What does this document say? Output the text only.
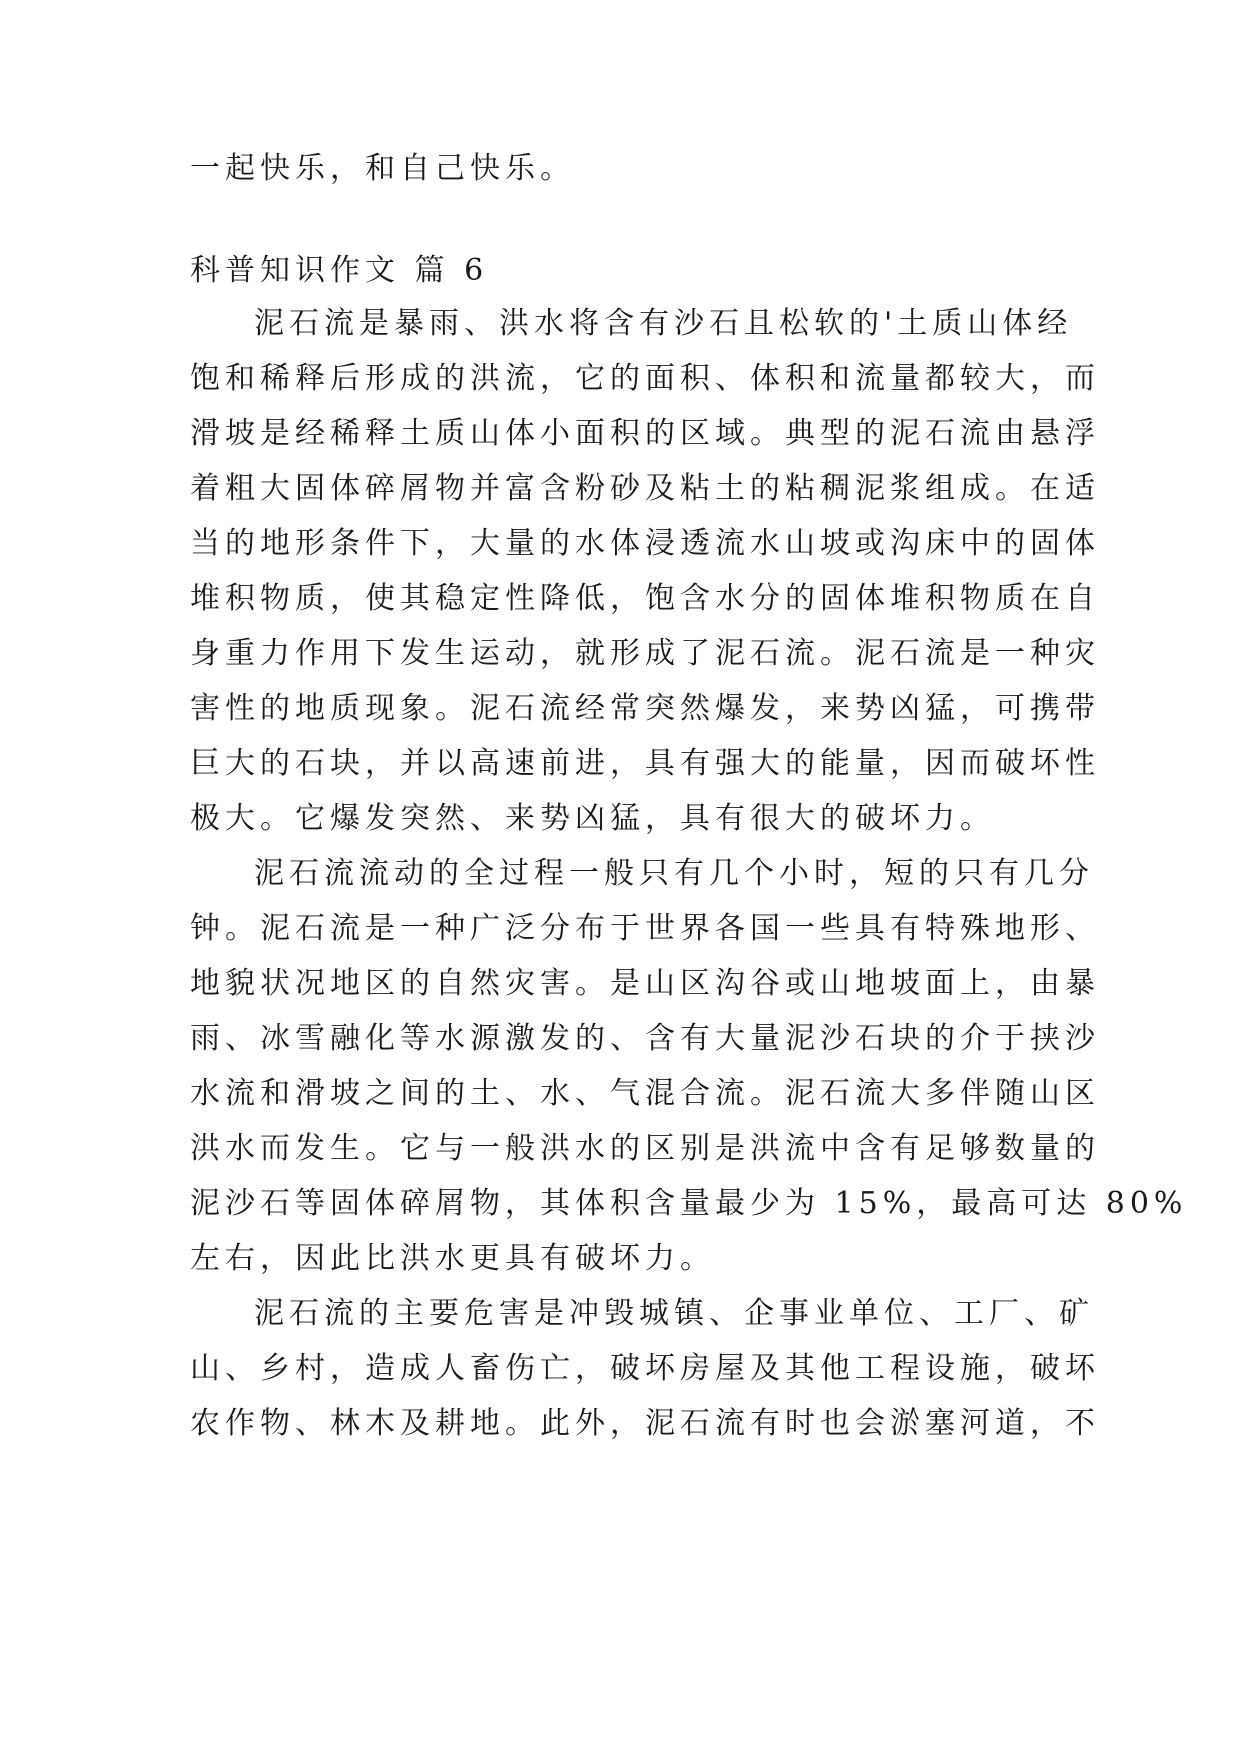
一起快乐，和自己快乐。
科普知识作文 篇 6
泥石流是暴雨、洪水将含有沙石且松软的'土质山体经
饱和稀释后形成的洪流，它的面积、体积和流量都较大，而
滑坡是经稀释土质山体小面积的区域。典型的泥石流由悬浮
着粗大固体碎屑物并富含粉砂及粘土的粘稠泥浆组成。在适
当的地形条件下，大量的水体浸透流水山坡或沟床中的固体
堆积物质，使其稳定性降低，饱含水分的固体堆积物质在自
身重力作用下发生运动，就形成了泥石流。泥石流是一种灾
害性的地质现象。泥石流经常突然爆发，来势凶猛，可携带
巨大的石块，并以高速前进，具有强大的能量，因而破坏性
极大。它爆发突然、来势凶猛，具有很大的破坏力。
泥石流流动的全过程一般只有几个小时，短的只有几分
钟。泥石流是一种广泛分布于世界各国一些具有特殊地形、
地貌状况地区的自然灾害。是山区沟谷或山地坡面上，由暴
雨、冰雪融化等水源激发的、含有大量泥沙石块的介于挟沙
水流和滑坡之间的土、水、气混合流。泥石流大多伴随山区
洪水而发生。它与一般洪水的区别是洪流中含有足够数量的
泥沙石等固体碎屑物，其体积含量最少为 15%，最高可达 80%
左右，因此比洪水更具有破坏力。
泥石流的主要危害是冲毁城镇、企事业单位、工厂、矿
山、乡村，造成人畜伤亡，破坏房屋及其他工程设施，破坏
农作物、林木及耕地。此外，泥石流有时也会淤塞河道，不
